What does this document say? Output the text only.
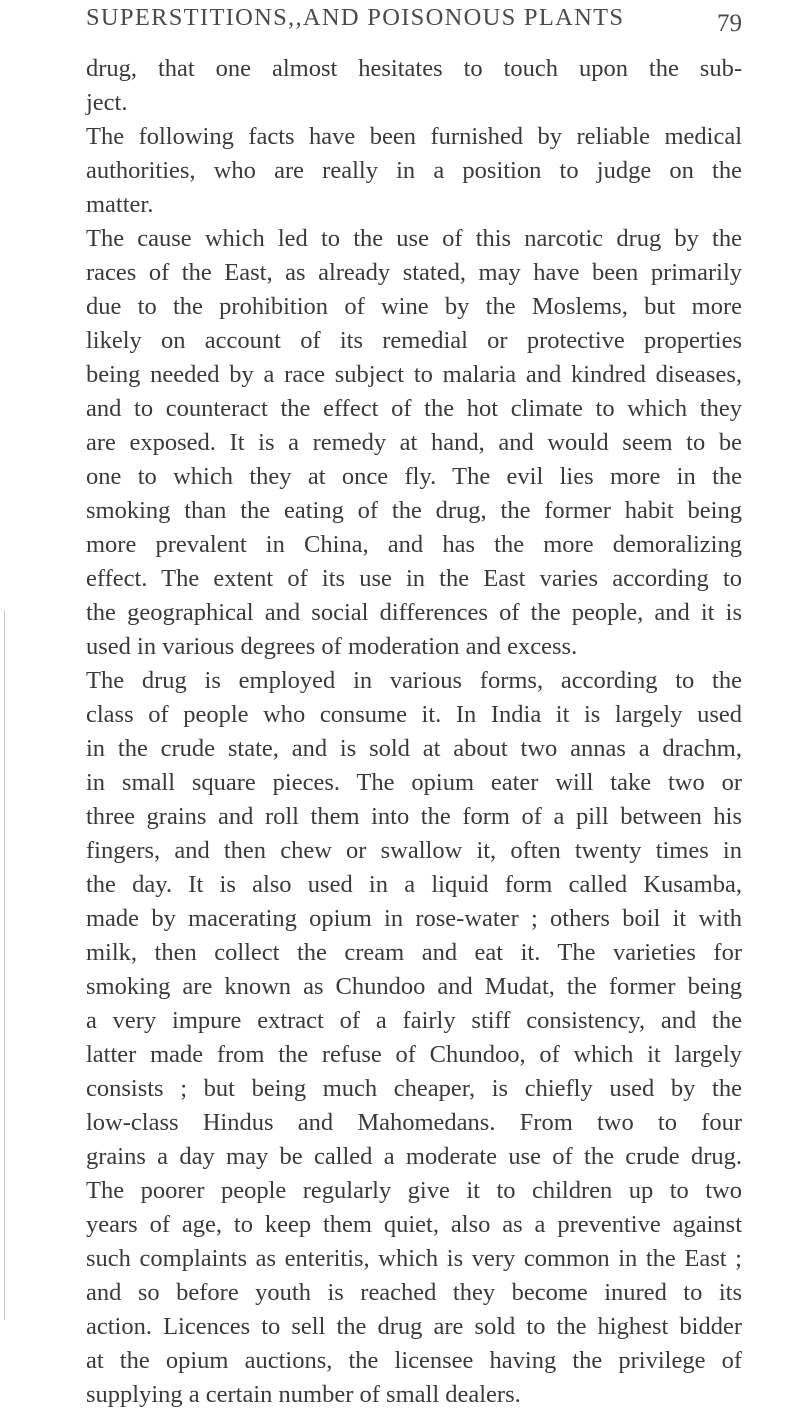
SUPERSTITIONS,,AND POISONOUS PLANTS	79
drug, that one almost hesitates to touch upon the sub-
ject.
The following facts have been furnished by reliable medical
authorities, who are really in a position to judge on the
matter.
The cause which led to the use of this narcotic drug by the
races of the East, as already stated, may have been primarily
due to the prohibition of wine by the Moslems, but more
likely on account of its remedial or protective properties
being needed by a race subject to malaria and kindred diseases,
and to counteract the effect of the hot climate to which they
are exposed. It is a remedy at hand, and would seem to be
one to which they at once fly. The evil lies more in the
smoking than the eating of the drug, the former habit being
more prevalent in China, and has the more demoralizing
effect. The extent of its use in the East varies according to
the geographical and social differences of the people, and it is
used in various degrees of moderation and excess.
The drug is employed in various forms, according to the
class of people who consume it. In India it is largely used
in the crude state, and is sold at about two annas a drachm,
in small square pieces. The opium eater will take two or
three grains and roll them into the form of a pill between his
fingers, and then chew or swallow it, often twenty times in
the day. It is also used in a liquid form called Kusamba,
made by macerating opium in rose-water ; others boil it with
milk, then collect the cream and eat it. The varieties for
smoking are known as Chundoo and Mudat, the former being
a very impure extract of a fairly stiff consistency, and the
latter made from the refuse of Chundoo, of which it largely
consists ; but being much cheaper, is chiefly used by the
low-class Hindus and Mahomedans. From two to four
grains a day may be called a moderate use of the crude drug.
The poorer people regularly give it to children up to two
years of age, to keep them quiet, also as a preventive against
such complaints as enteritis, which is very common in the East ;
and so before youth is reached they become inured to its
action. Licences to sell the drug are sold to the highest bidder
at the opium auctions, the licensee having the privilege of
supplying a certain number of small dealers.
